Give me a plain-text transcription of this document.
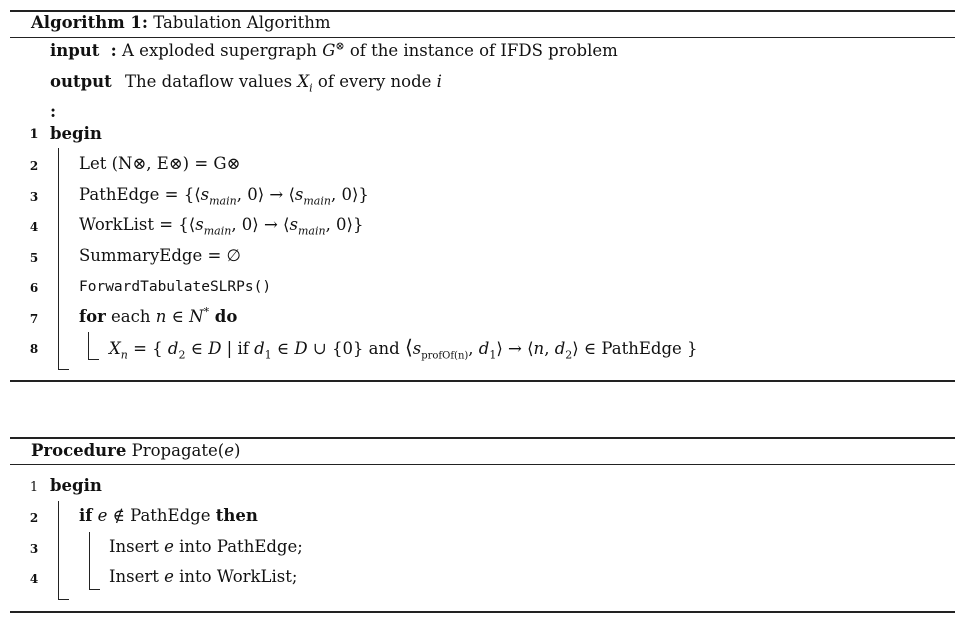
Algorithm 1: Tabulation Algorithm
input : A exploded supergraph G⊗ of the instance of IFDS problem
output The dataflow values $X_i$ of every node i
:
1 begin
2 Let (N⊗, E⊗) = G⊗
3 PathEdge = {$⟨s_{main}$, 0⟩ → $⟨s_{main}$, 0⟩}
4 WorkList = {$⟨s_{main}$, 0⟩ → $⟨s_{main}$, 0⟩}
5 SummaryEdge = ∅
6	ForwardTabulateSLRPs()
7 for each n ∈ N* do
8	$X_n$ = { $d_2$ ∈ D | if $d_1$ ∈ D ∪ {0} and $⟨s_{profOf(n)}$, $d_1⟩$ → ⟨n, $d_2⟩$ ∈ PathEdge }
Procedure Propagate(e)
1 begin
2 if e ∉ PathEdge then
3	Insert e into PathEdge;
4	Insert e into WorkList;
